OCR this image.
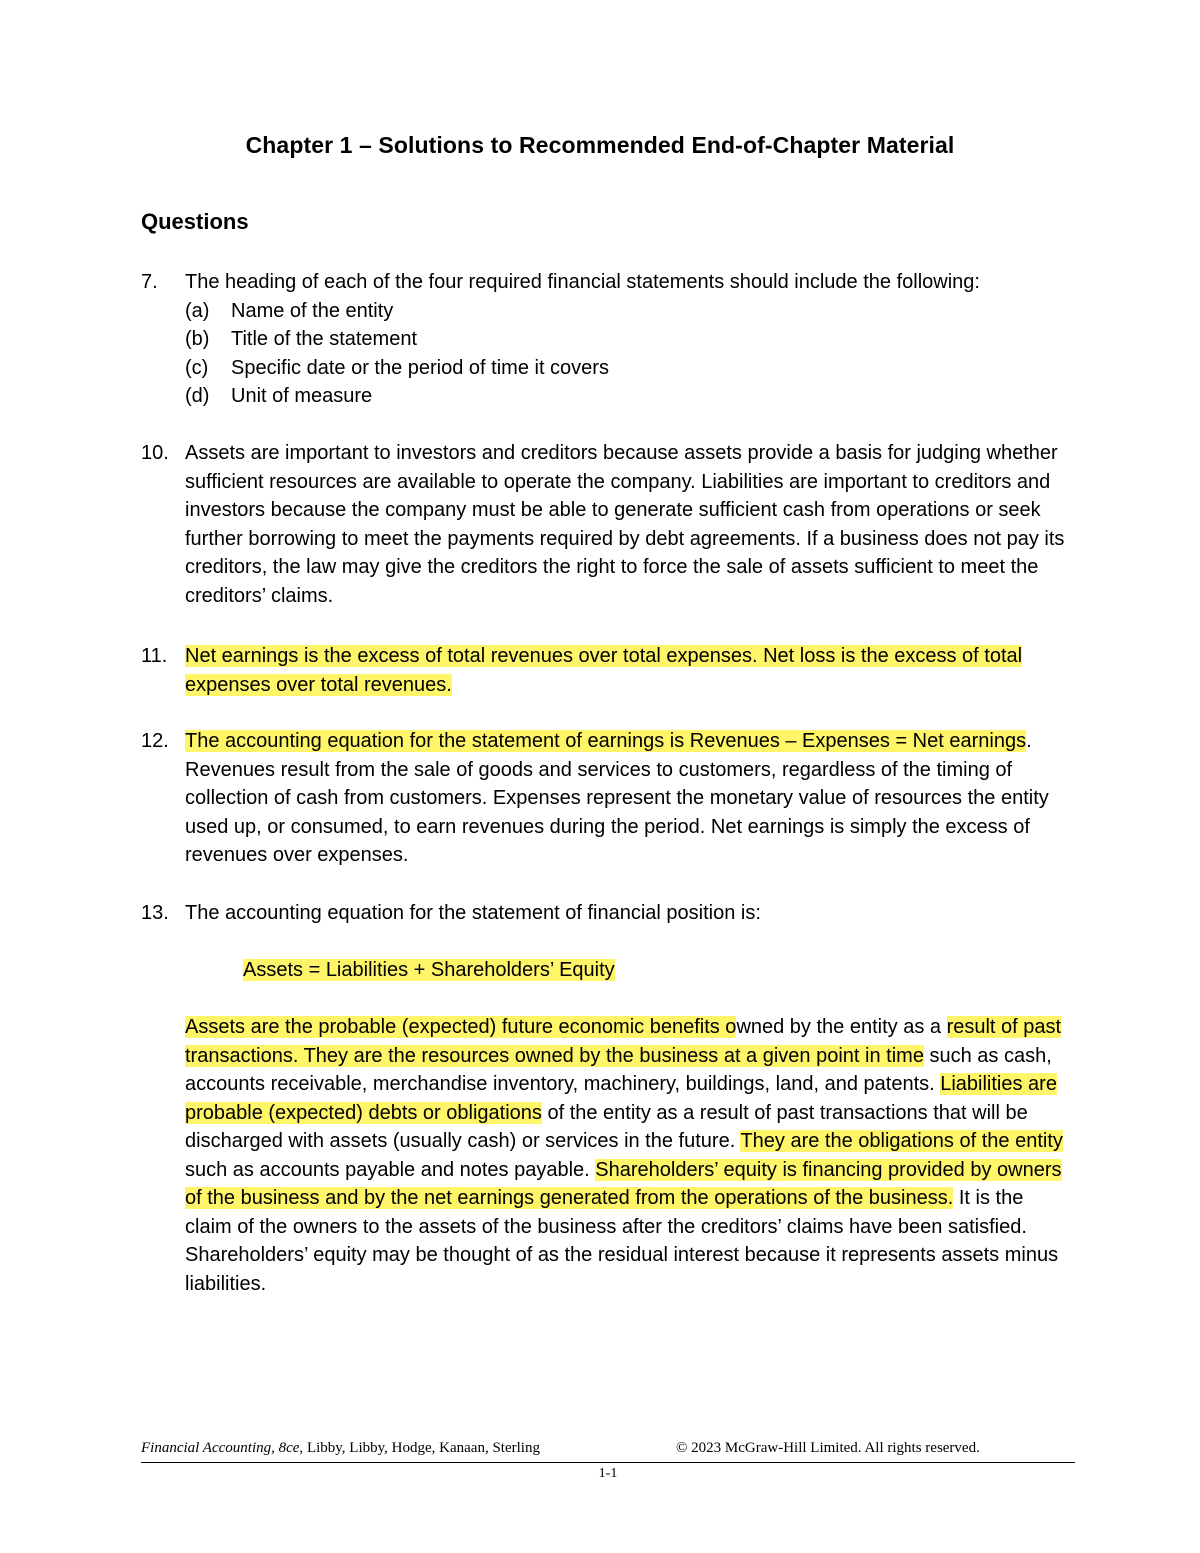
Chapter 1 – Solutions to Recommended End-of-Chapter Material
Questions
7.	The heading of each of the four required financial statements should include the following:
(a) Name of the entity
(b) Title of the statement
(c) Specific date or the period of time it covers
(d) Unit of measure
10. Assets are important to investors and creditors because assets provide a basis for judging whether sufficient resources are available to operate the company. Liabilities are important to creditors and investors because the company must be able to generate sufficient cash from operations or seek further borrowing to meet the payments required by debt agreements. If a business does not pay its creditors, the law may give the creditors the right to force the sale of assets sufficient to meet the creditors’ claims.
11. Net earnings is the excess of total revenues over total expenses. Net loss is the excess of total expenses over total revenues.
12. The accounting equation for the statement of earnings is Revenues – Expenses = Net earnings. Revenues result from the sale of goods and services to customers, regardless of the timing of collection of cash from customers. Expenses represent the monetary value of resources the entity used up, or consumed, to earn revenues during the period. Net earnings is simply the excess of revenues over expenses.
13. The accounting equation for the statement of financial position is:
Assets = Liabilities + Shareholders’ Equity
Assets are the probable (expected) future economic benefits owned by the entity as a result of past transactions. They are the resources owned by the business at a given point in time such as cash, accounts receivable, merchandise inventory, machinery, buildings, land, and patents. Liabilities are probable (expected) debts or obligations of the entity as a result of past transactions that will be discharged with assets (usually cash) or services in the future. They are the obligations of the entity such as accounts payable and notes payable. Shareholders’ equity is financing provided by owners of the business and by the net earnings generated from the operations of the business. It is the claim of the owners to the assets of the business after the creditors’ claims have been satisfied. Shareholders’ equity may be thought of as the residual interest because it represents assets minus liabilities.
Financial Accounting, 8ce, Libby, Libby, Hodge, Kanaan, Sterling	© 2023 McGraw-Hill Limited. All rights reserved.
1-1
